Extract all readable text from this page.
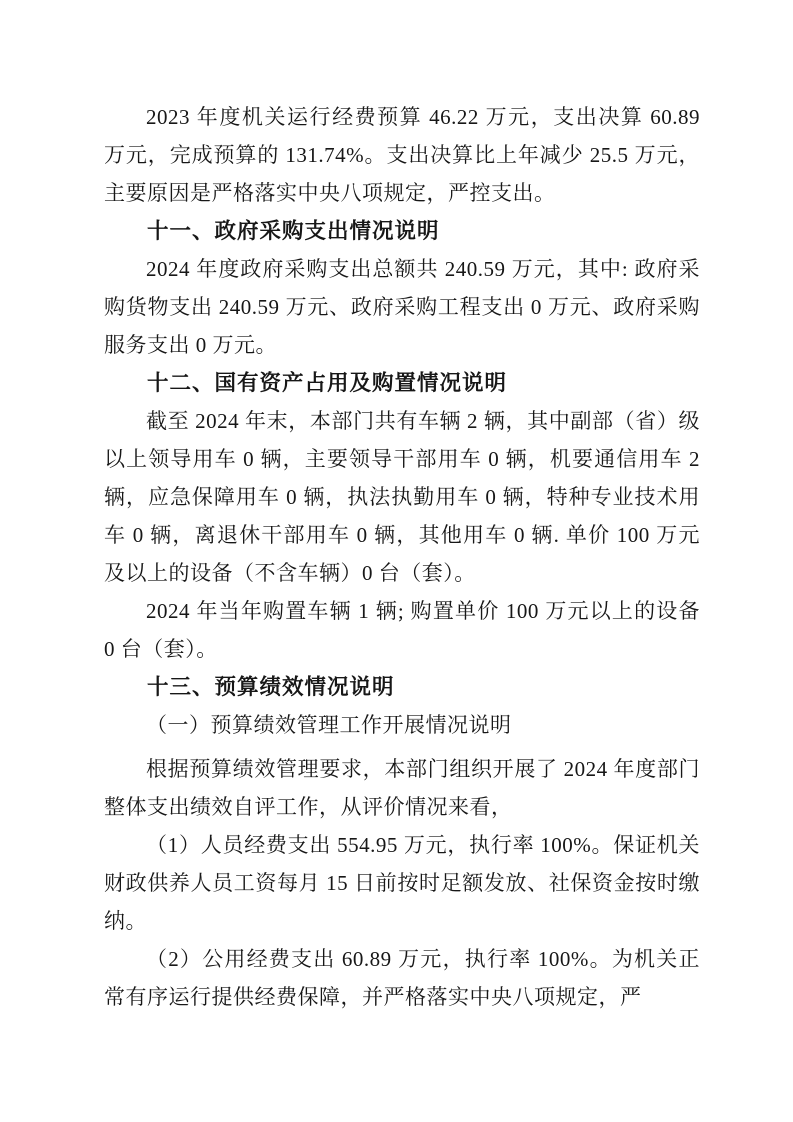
2023 年度机关运行经费预算 46.22 万元，支出决算 60.89 万元，完成预算的 131.74%。支出决算比上年减少 25.5 万元，主要原因是严格落实中央八项规定，严控支出。

十一、政府采购支出情况说明

2024 年度政府采购支出总额共 240.59 万元，其中: 政府采购货物支出 240.59 万元、政府采购工程支出 0 万元、政府采购服务支出 0 万元。

十二、国有资产占用及购置情况说明

截至 2024 年末，本部门共有车辆 2 辆，其中副部（省）级以上领导用车 0 辆，主要领导干部用车 0 辆，机要通信用车 2 辆，应急保障用车 0 辆，执法执勤用车 0 辆，特种专业技术用车 0 辆，离退休干部用车 0 辆，其他用车 0 辆. 单价 100 万元及以上的设备（不含车辆）0 台（套）。

2024 年当年购置车辆 1 辆; 购置单价 100 万元以上的设备 0 台（套）。

十三、预算绩效情况说明

（一）预算绩效管理工作开展情况说明

根据预算绩效管理要求，本部门组织开展了 2024 年度部门整体支出绩效自评工作，从评价情况来看，

（1）人员经费支出 554.95 万元，执行率 100%。保证机关财政供养人员工资每月 15 日前按时足额发放、社保资金按时缴纳。

（2）公用经费支出 60.89 万元，执行率 100%。为机关正常有序运行提供经费保障，并严格落实中央八项规定，严
